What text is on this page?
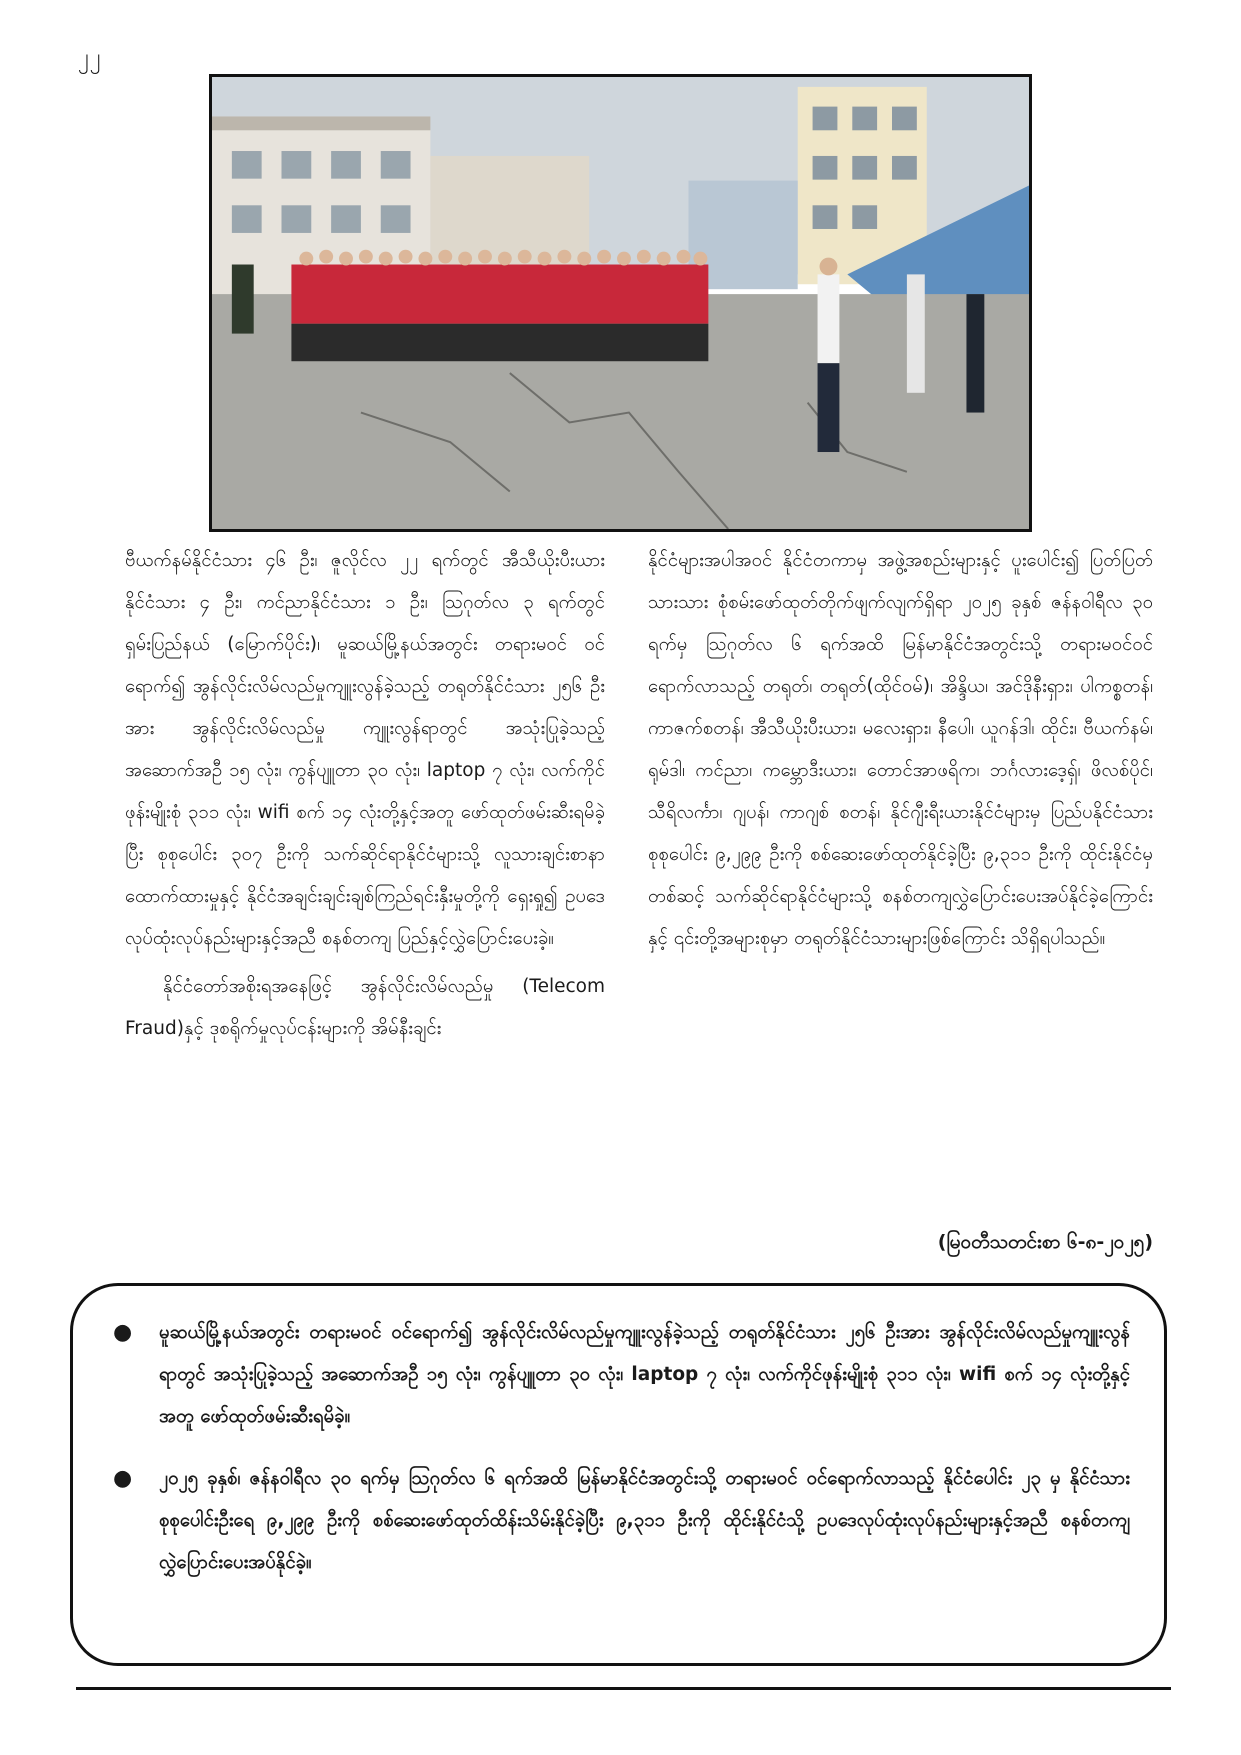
၂၂

ဗီယက်နမ်နိုင်ငံသား ၄၆ ဦး၊ ဇူလိုင်လ ၂၂ ရက်တွင် အီသီယိုးပီးယားနိုင်ငံသား ၄ ဦး၊ ကင်ညာနိုင်ငံသား ၁ ဦး၊ ဩဂုတ်လ ၃ ရက်တွင် ရှမ်းပြည်နယ် (မြောက်ပိုင်း)၊ မူဆယ်မြို့နယ်အတွင်း တရားမဝင် ဝင်ရောက်၍ အွန်လိုင်းလိမ်လည်မှုကျူးလွန်ခဲ့သည့် တရုတ်နိုင်ငံသား ၂၅၆ ဦးအား အွန်လိုင်းလိမ်လည်မှု ကျူးလွန်ရာတွင် အသုံးပြုခဲ့သည့် အဆောက်အဦ ၁၅ လုံး၊ ကွန်ပျူတာ ၃၀ လုံး၊ laptop ၇ လုံး၊ လက်ကိုင်ဖုန်းမျိုးစုံ ၃၁၁ လုံး၊ wifi စက် ၁၄ လုံးတို့နှင့်အတူ ဖော်ထုတ်ဖမ်းဆီးရမိခဲ့ပြီး စုစုပေါင်း ၃၀၇ ဦးကို သက်ဆိုင်ရာနိုင်ငံများသို့ လူသားချင်းစာနာထောက်ထားမှုနှင့် နိုင်ငံအချင်းချင်းချစ်ကြည်ရင်းနှီးမှုတို့ကို ရှေးရှု၍ ဥပဒေလုပ်ထုံးလုပ်နည်းများနှင့်အညီ စနစ်တကျ ပြည်နှင့်လွှဲပြောင်းပေးခဲ့။

နိုင်ငံတော်အစိုးရအနေဖြင့် အွန်လိုင်းလိမ်လည်မှု (Telecom Fraud)နှင့် ဒုစရိုက်မှုလုပ်ငန်းများကို အိမ်နီးချင်း

နိုင်ငံများအပါအဝင် နိုင်ငံတကာမှ အဖွဲ့အစည်းများနှင့် ပူးပေါင်း၍ ပြတ်ပြတ်သားသား စုံစမ်းဖော်ထုတ်တိုက်ဖျက်လျက်ရှိရာ ၂၀၂၅ ခုနှစ် ဇန်နဝါရီလ ၃၀ ရက်မှ ဩဂုတ်လ ၆ ရက်အထိ မြန်မာနိုင်ငံအတွင်းသို့ တရားမဝင်ဝင်ရောက်လာသည့် တရုတ်၊ တရုတ်(ထိုင်ဝမ်)၊ အိန္ဒိယ၊ အင်ဒိုနီးရှား၊ ပါကစ္စတန်၊ ကာဇက်စတန်၊ အီသီယိုးပီးယား၊ မလေးရှား၊ နီပေါ၊ ယူဂန်ဒါ၊ ထိုင်း၊ ဗီယက်နမ်၊ ရုမ်ဒါ၊ ကင်ညာ၊ ကမ္ဘောဒီးယား၊ တောင်အာဖရိက၊ ဘင်္ဂလားဒေ့ရှ်၊ ဖိလစ်ပိုင်၊ သီရိလင်္ကာ၊ ဂျပန်၊ ကာဂျစ် စတန်၊ နိုင်ဂျီးရီးယားနိုင်ငံများမှ ပြည်ပနိုင်ငံသား စုစုပေါင်း ၉,၂၉၉ ဦးကို စစ်ဆေးဖော်ထုတ်နိုင်ခဲ့ပြီး ၉,၃၁၁ ဦးကို ထိုင်းနိုင်ငံမှတစ်ဆင့် သက်ဆိုင်ရာနိုင်ငံများသို့ စနစ်တကျလွှဲပြောင်းပေးအပ်နိုင်ခဲ့ကြောင်းနှင့် ၎င်းတို့အများစုမှာ တရုတ်နိုင်ငံသားများဖြစ်ကြောင်း သိရှိရပါသည်။

(မြဝတီသတင်းစာ ၆-၈-၂၀၂၅)
● မူဆယ်မြို့နယ်အတွင်း တရားမဝင် ဝင်ရောက်၍ အွန်လိုင်းလိမ်လည်မှုကျူးလွန်ခဲ့သည့် တရုတ်နိုင်ငံသား ၂၅၆ ဦးအား အွန်လိုင်းလိမ်လည်မှုကျူးလွန်ရာတွင် အသုံးပြုခဲ့သည့် အဆောက်အဦ ၁၅ လုံး၊ ကွန်ပျူတာ ၃၀ လုံး၊ laptop ၇ လုံး၊ လက်ကိုင်ဖုန်းမျိုးစုံ ၃၁၁ လုံး၊ wifi စက် ၁၄ လုံးတို့နှင့်အတူ ဖော်ထုတ်ဖမ်းဆီးရမိခဲ့။
● ၂၀၂၅ ခုနှစ်၊ ဇန်နဝါရီလ ၃၀ ရက်မှ ဩဂုတ်လ ၆ ရက်အထိ မြန်မာနိုင်ငံအတွင်းသို့ တရားမဝင် ဝင်ရောက်လာသည့် နိုင်ငံပေါင်း ၂၃ မှ နိုင်ငံသား စုစုပေါင်းဦးရေ ၉,၂၉၉ ဦးကို စစ်ဆေးဖော်ထုတ်ထိန်းသိမ်းနိုင်ခဲ့ပြီး ၉,၃၁၁ ဦးကို ထိုင်းနိုင်ငံသို့ ဥပဒေလုပ်ထုံးလုပ်နည်းများနှင့်အညီ စနစ်တကျ လွှဲပြောင်းပေးအပ်နိုင်ခဲ့။
